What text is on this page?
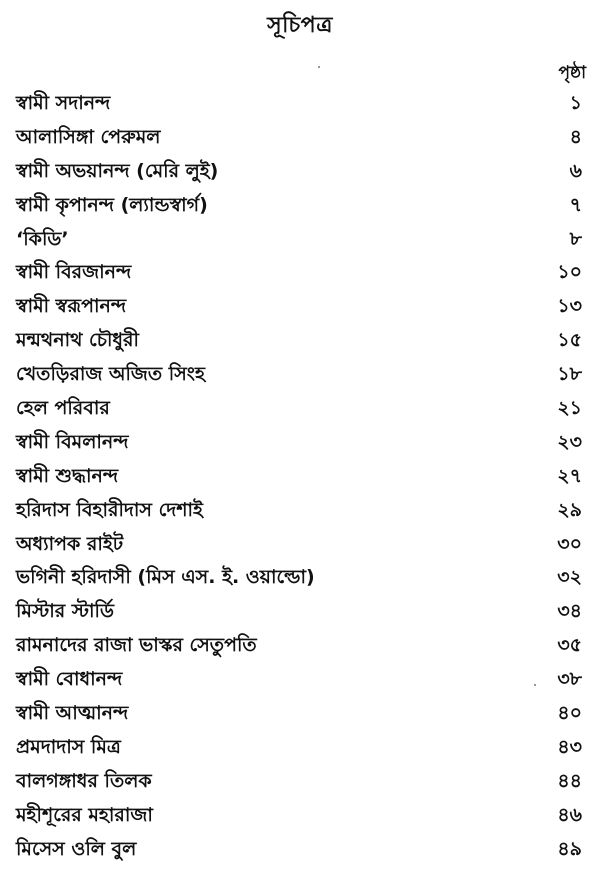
সূচিপত্র
পৃষ্ঠা
স্বামী সদানন্দ	১
আলাসিঙ্গা পেরুমল	৪
স্বামী অভয়ানন্দ (মেরি লুই)	৬
স্বামী কৃপানন্দ (ল্যান্ডস্বার্গ)	৭
‘কিডি’	৮
স্বামী বিরজানন্দ	১০
স্বামী স্বরূপানন্দ	১৩
মন্মথনাথ চৌধুরী	১৫
খেতড়িরাজ অজিত সিংহ	১৮
হেল পরিবার	২১
স্বামী বিমলানন্দ	২৩
স্বামী শুদ্ধানন্দ	২৭
হরিদাস বিহারীদাস দেশাই	২৯
অধ্যাপক রাইট	৩০
ভগিনী হরিদাসী (মিস এস. ই. ওয়াল্ডো)	৩২
মিস্টার স্টার্ডি	৩৪
রামনাদের রাজা ভাস্কর সেতুপতি	৩৫
স্বামী বোধানন্দ	৩৮
স্বামী আত্মানন্দ	৪০
প্রমদাদাস মিত্র	৪৩
বালগঙ্গাধর তিলক	৪৪
মহীশূরের মহারাজা	৪৬
মিসেস ওলি বুল	৪৯
